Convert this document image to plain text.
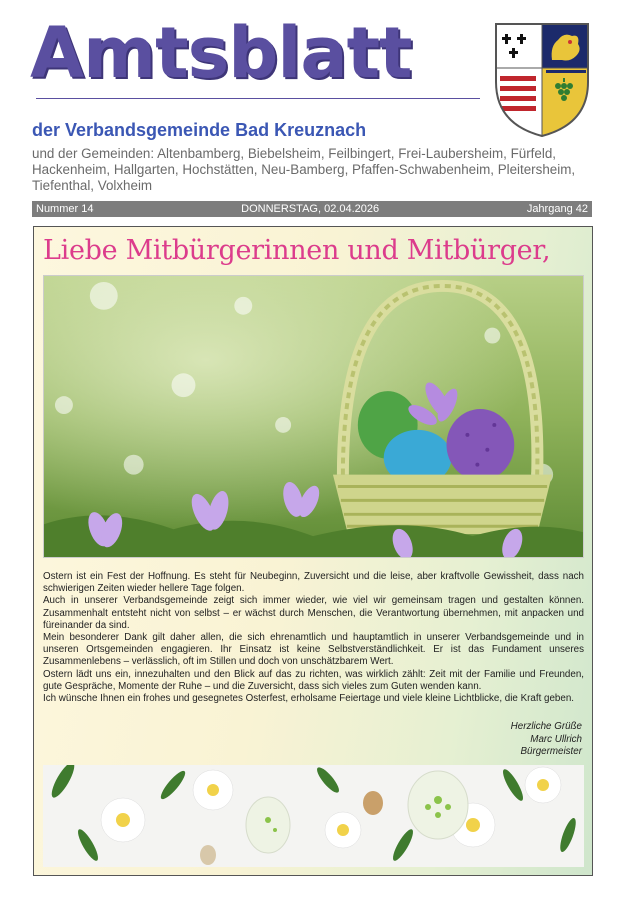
Amtsblatt
der Verbandsgemeinde Bad Kreuznach
und der Gemeinden: Altenbamberg, Biebelsheim, Feilbingert, Frei-Laubersheim, Fürfeld, Hackenheim, Hallgarten, Hochstätten, Neu-Bamberg, Pfaffen-Schwabenheim, Pleitersheim, Tiefenthal, Volxheim
Nummer 14	DONNERSTAG, 02.04.2026	Jahrgang 42
Liebe Mitbürgerinnen und Mitbürger,

Ostern ist ein Fest der Hoffnung. Es steht für Neubeginn, Zuversicht und die leise, aber kraftvolle Gewissheit, dass nach schwierigen Zeiten wieder hellere Tage folgen.

Auch in unserer Verbandsgemeinde zeigt sich immer wieder, wie viel wir gemeinsam tragen und gestalten können. Zusammenhalt entsteht nicht von selbst – er wächst durch Menschen, die Verantwortung übernehmen, mit anpacken und füreinander da sind.

Mein besonderer Dank gilt daher allen, die sich ehrenamtlich und hauptamtlich in unserer Verbandsgemeinde und in unseren Ortsgemeinden engagieren. Ihr Einsatz ist keine Selbstverständlichkeit. Er ist das Fundament unseres Zusammenlebens – verlässlich, oft im Stillen und doch von unschätzbarem Wert.

Ostern lädt uns ein, innezuhalten und den Blick auf das zu richten, was wirklich zählt: Zeit mit der Familie und Freunden, gute Gespräche, Momente der Ruhe – und die Zuversicht, dass sich vieles zum Guten wenden kann.

Ich wünsche Ihnen ein frohes und gesegnetes Osterfest, erholsame Feiertage und viele kleine Lichtblicke, die Kraft geben.

Herzliche Grüße
Marc Ullrich
Bürgermeister
